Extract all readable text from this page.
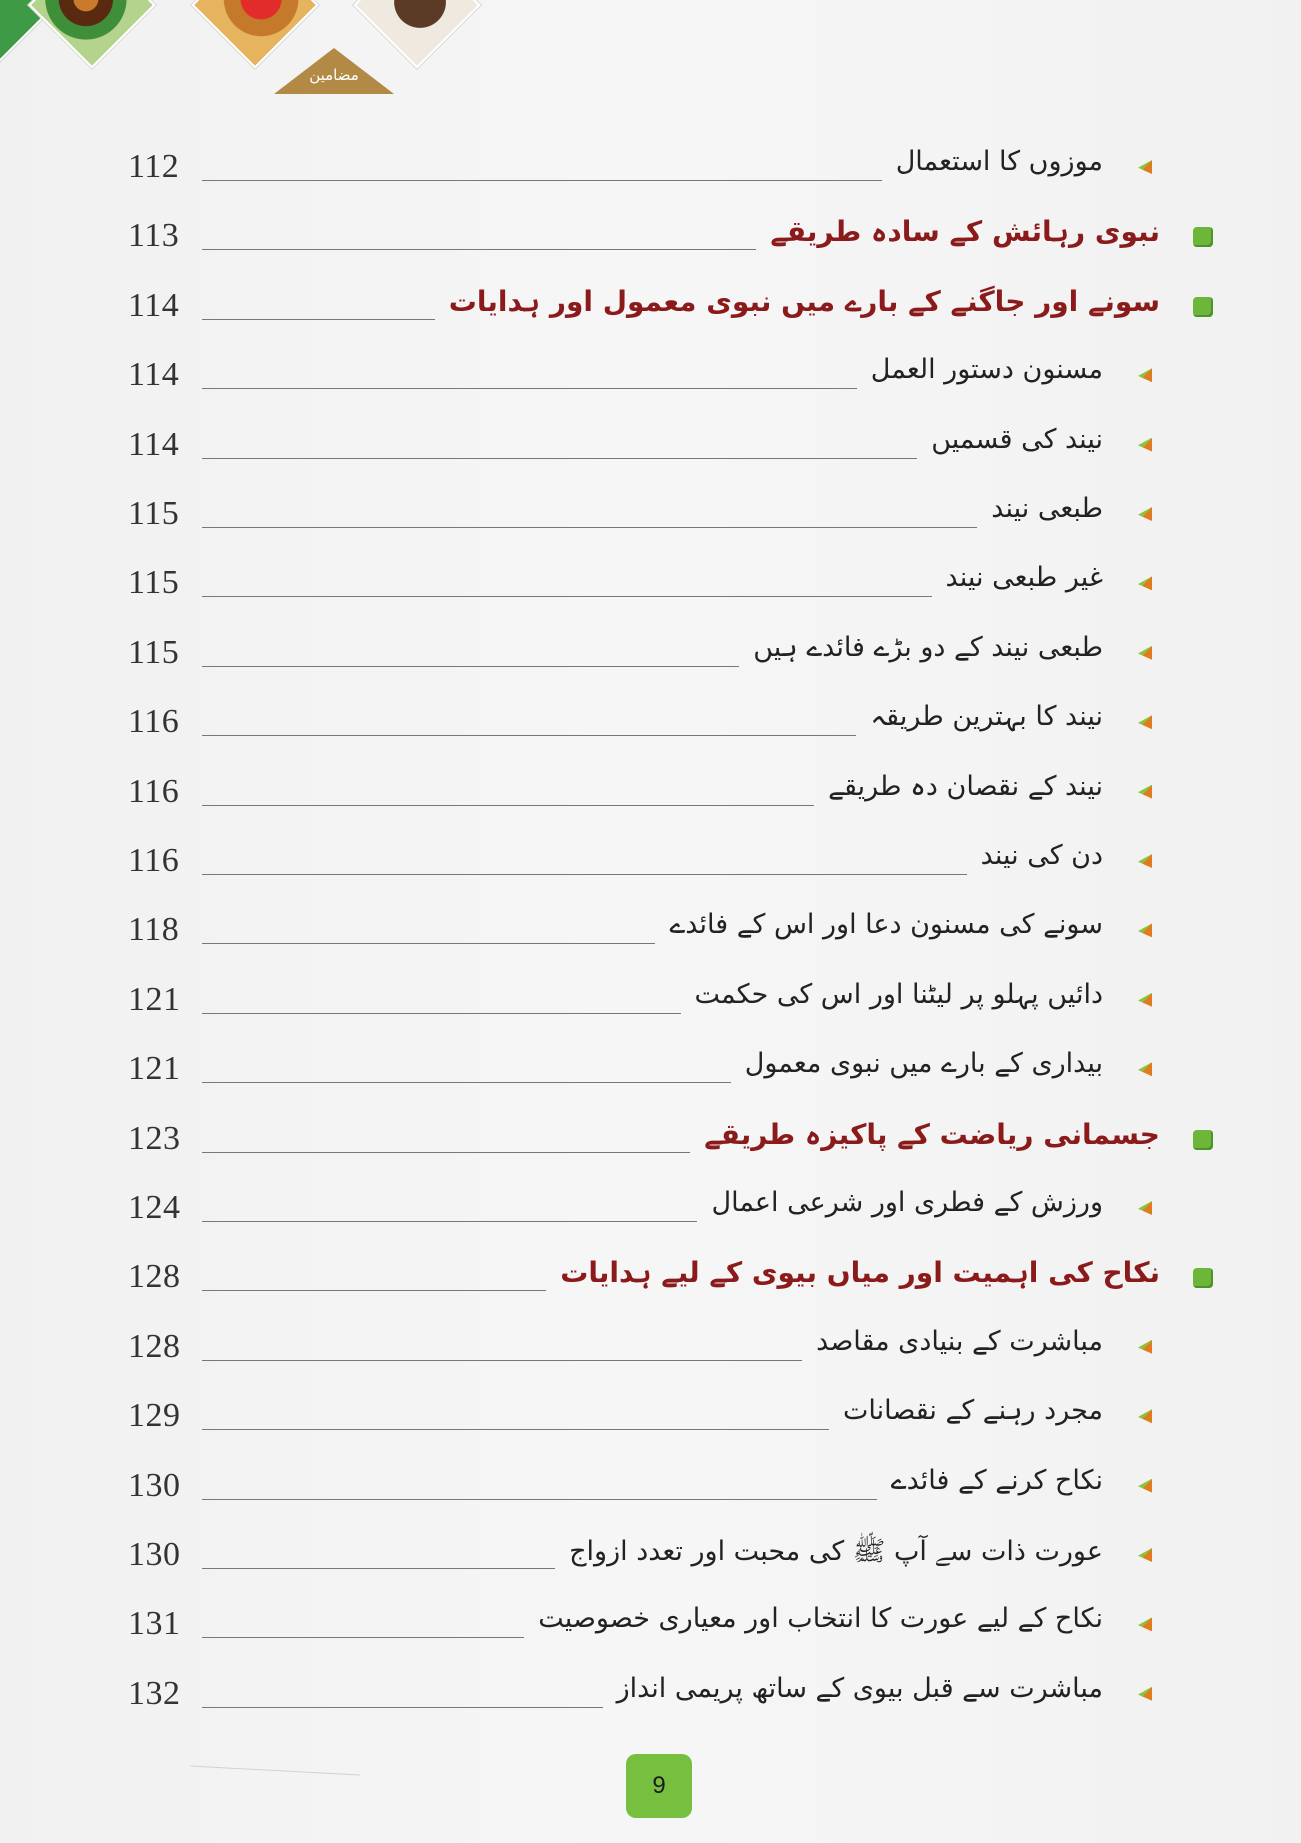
مضامین
112	موزوں کا استعمال
113	نبوی رہائش کے سادہ طریقے
114	سونے اور جاگنے کے بارے میں نبوی معمول اور ہدایات
114	مسنون دستور العمل
114	نیند کی قسمیں
115	طبعی نیند
115	غیر طبعی نیند
115	طبعی نیند کے دو بڑے فائدے ہیں
116	نیند کا بہترین طریقہ
116	نیند کے نقصان دہ طریقے
116	دن کی نیند
118	سونے کی مسنون دعا اور اس کے فائدے
121	دائیں پہلو پر لیٹنا اور اس کی حکمت
121	بیداری کے بارے میں نبوی معمول
123	جسمانی ریاضت کے پاکیزہ طریقے
124	ورزش کے فطری اور شرعی اعمال
128	نکاح کی اہمیت اور میاں بیوی کے لیے ہدایات
128	مباشرت کے بنیادی مقاصد
129	مجرد رہنے کے نقصانات
130	نکاح کرنے کے فائدے
130	عورت ذات سے آپ ﷺ کی محبت اور تعدد ازواج
131	نکاح کے لیے عورت کا انتخاب اور معیاری خصوصیت
132	مباشرت سے قبل بیوی کے ساتھ پریمی انداز
9
